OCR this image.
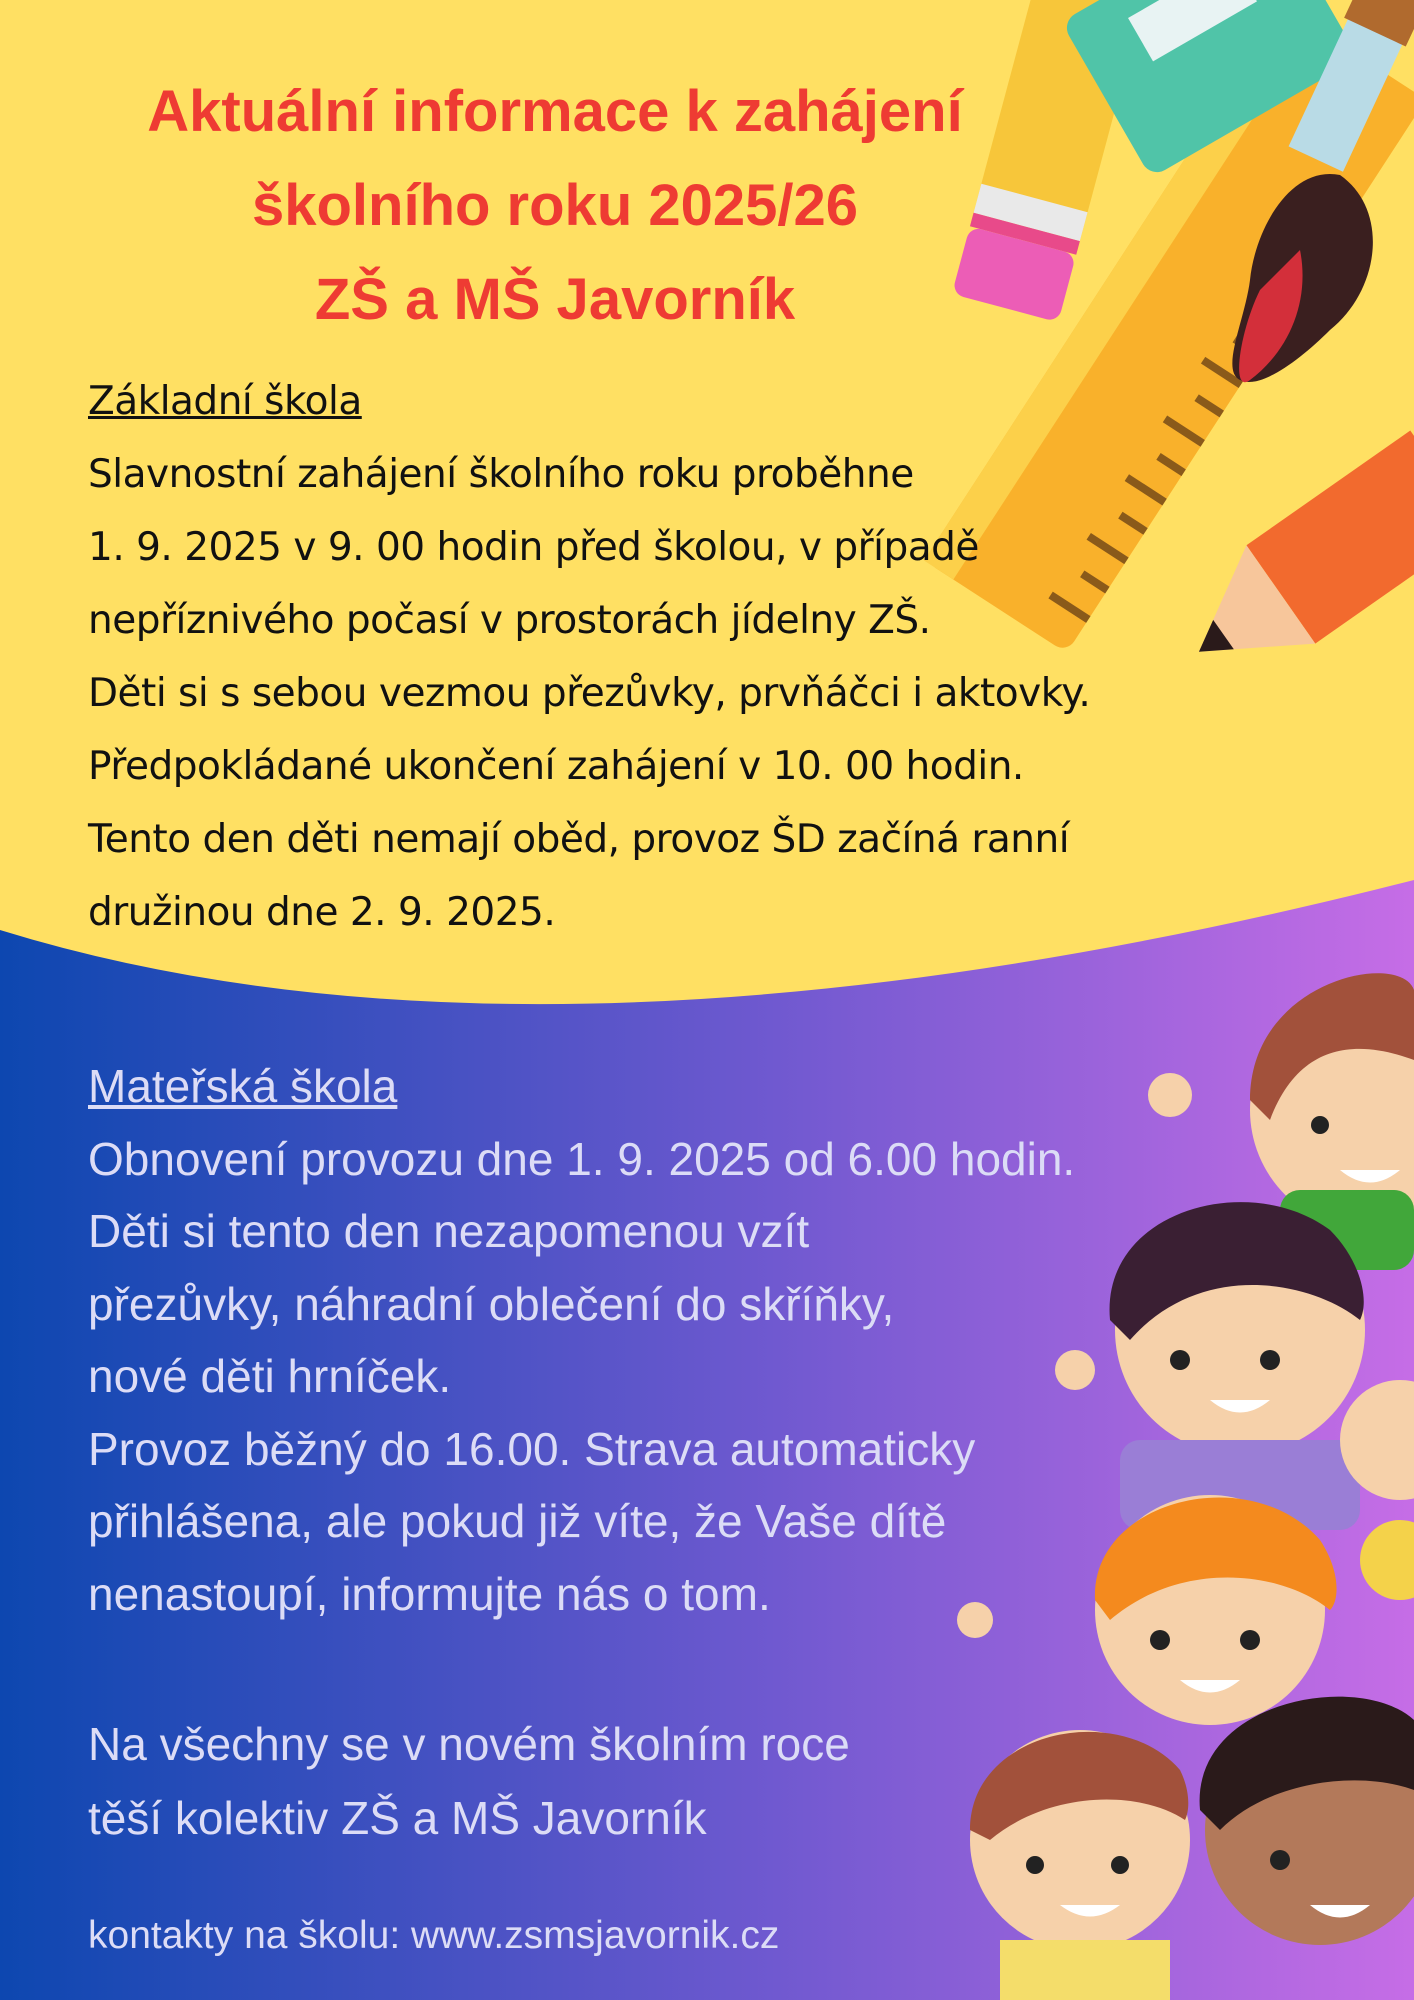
Aktuální informace k zahájení
školního roku 2025/26
ZŠ a MŠ Javorník
Základní škola
Slavnostní zahájení školního roku proběhne
1. 9. 2025 v 9. 00 hodin před školou, v případě
nepříznivého počasí v prostorách jídelny ZŠ.
Děti si s sebou vezmou přezůvky, prvňáčci i aktovky.
Předpokládané ukončení zahájení v 10. 00 hodin.
Tento den děti nemají oběd, provoz ŠD začíná ranní
družinou dne 2. 9. 2025.
Mateřská škola
Obnovení provozu dne 1. 9. 2025 od 6.00 hodin.
Děti si tento den nezapomenou vzít
přezůvky, náhradní oblečení do skříňky,
nové děti hrníček.
Provoz běžný do 16.00. Strava automaticky
přihlášena, ale pokud již víte, že Vaše dítě
nenastoupí, informujte nás o tom.
Na všechny se v novém školním roce
těší kolektiv ZŠ a MŠ Javorník
kontakty na školu: www.zsmsjavornik.cz
